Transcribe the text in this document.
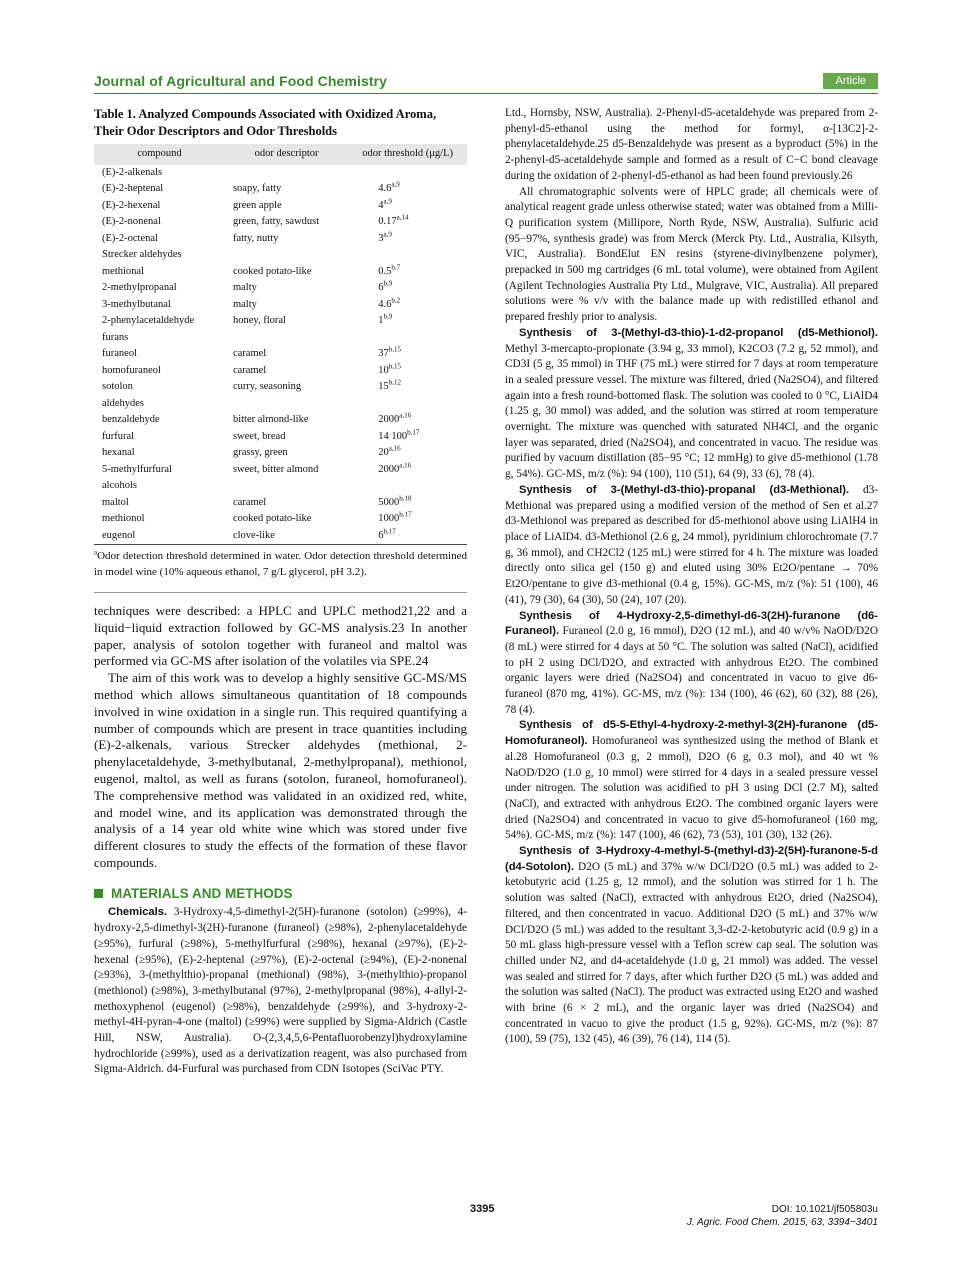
Journal of Agricultural and Food Chemistry	Article
Table 1. Analyzed Compounds Associated with Oxidized Aroma, Their Odor Descriptors and Odor Thresholds
compound	odor descriptor	odor threshold (μg/L)
(E)-2-alkenals		
(E)-2-heptenal	soapy, fatty	4.6$^{a,9}$
(E)-2-hexenal	green apple	4$^{a,9}$
(E)-2-nonenal	green, fatty, sawdust	0.17$^{a,14}$
(E)-2-octenal	fatty, nutty	3$^{a,9}$
Strecker aldehydes		
methional	cooked potato-like	0.5$^{b,7}$
2-methylpropanal	malty	6$^{b,9}$
3-methylbutanal	malty	4.6$^{b,2}$
2-phenylacetaldehyde	honey, floral	1$^{b,9}$
furans		
furaneol	caramel	37$^{b,15}$
homofuraneol	caramel	10$^{b,15}$
sotolon	curry, seasoning	15$^{b,12}$
aldehydes		
benzaldehyde	bitter almond-like	2000$^{a,16}$
furfural	sweet, bread	14 100$^{b,17}$
hexanal	grassy, green	20$^{a,16}$
5-methylfurfural	sweet, bitter almond	2000$^{a,16}$
alcohols		
maltol	caramel	5000$^{b,18}$
methionol	cooked potato-like	1000$^{b,17}$
eugenol	clove-like	6$^{b,17}$
$^a$Odor detection threshold determined in water. Odor detection threshold determined in model wine (10% aqueous ethanol, 7 g/L glycerol, pH 3.2).

techniques were described: a HPLC and UPLC method21,22 and a liquid−liquid extraction followed by GC-MS analysis.23 In another paper, analysis of sotolon together with furaneol and maltol was performed via GC-MS after isolation of the volatiles via SPE.24

The aim of this work was to develop a highly sensitive GC-MS/MS method which allows simultaneous quantitation of 18 compounds involved in wine oxidation in a single run. This required quantifying a number of compounds which are present in trace quantities including (E)-2-alkenals, various Strecker aldehydes (methional, 2-phenylacetaldehyde, 3-methylbutanal, 2-methylpropanal), methionol, eugenol, maltol, as well as furans (sotolon, furaneol, homofuraneol). The comprehensive method was validated in an oxidized red, white, and model wine, and its application was demonstrated through the analysis of a 14 year old white wine which was stored under five different closures to study the effects of the formation of these flavor compounds.

MATERIALS AND METHODS

Chemicals. 3-Hydroxy-4,5-dimethyl-2(5H)-furanone (sotolon) (≥99%), 4-hydroxy-2,5-dimethyl-3(2H)-furanone (furaneol) (≥98%), 2-phenylacetaldehyde (≥95%), furfural (≥98%), 5-methylfurfural (≥98%), hexanal (≥97%), (E)-2-hexenal (≥95%), (E)-2-heptenal (≥97%), (E)-2-octenal (≥94%), (E)-2-nonenal (≥93%), 3-(methylthio)-propanal (methional) (98%), 3-(methylthio)-propanol (methionol) (≥98%), 3-methylbutanal (97%), 2-methylpropanal (98%), 4-allyl-2-methoxyphenol (eugenol) (≥98%), benzaldehyde (≥99%), and 3-hydroxy-2-methyl-4H-pyran-4-one (maltol) (≥99%) were supplied by Sigma-Aldrich (Castle Hill, NSW, Australia). O-(2,3,4,5,6-Pentafluorobenzyl)hydroxylamine hydrochloride (≥99%), used as a derivatization reagent, was also purchased from Sigma-Aldrich. d4-Furfural was purchased from CDN Isotopes (SciVac PTY.

Ltd., Hornsby, NSW, Australia). 2-Phenyl-d5-acetaldehyde was prepared from 2-phenyl-d5-ethanol using the method for formyl, α-[13C2]-2-phenylacetaldehyde.25 d5-Benzaldehyde was present as a byproduct (5%) in the 2-phenyl-d5-acetaldehyde sample and formed as a result of C−C bond cleavage during the oxidation of 2-phenyl-d5-ethanol as had been found previously.26

All chromatographic solvents were of HPLC grade; all chemicals were of analytical reagent grade unless otherwise stated; water was obtained from a Milli-Q purification system (Millipore, North Ryde, NSW, Australia). Sulfuric acid (95−97%, synthesis grade) was from Merck (Merck Pty. Ltd., Australia, Kilsyth, VIC, Australia). BondElut EN resins (styrene-divinylbenzene polymer), prepacked in 500 mg cartridges (6 mL total volume), were obtained from Agilent (Agilent Technologies Australia Pty Ltd., Mulgrave, VIC, Australia). All prepared solutions were % v/v with the balance made up with redistilled ethanol and prepared freshly prior to analysis.

Synthesis of 3-(Methyl-d3-thio)-1-d2-propanol (d5-Methionol). Methyl 3-mercapto-propionate (3.94 g, 33 mmol), K2CO3 (7.2 g, 52 mmol), and CD3I (5 g, 35 mmol) in THF (75 mL) were stirred for 7 days at room temperature in a sealed pressure vessel. The mixture was filtered, dried (Na2SO4), and filtered again into a fresh round-bottomed flask. The solution was cooled to 0 °C, LiAlD4 (1.25 g, 30 mmol) was added, and the solution was stirred at room temperature overnight. The mixture was quenched with saturated NH4Cl, and the organic layer was separated, dried (Na2SO4), and concentrated in vacuo. The residue was purified by vacuum distillation (85−95 °C; 12 mmHg) to give d5-methionol (1.78 g, 54%). GC-MS, m/z (%): 94 (100), 110 (51), 64 (9), 33 (6), 78 (4).

Synthesis of 3-(Methyl-d3-thio)-propanal (d3-Methional). d3-Methional was prepared using a modified version of the method of Sen et al.27 d3-Methionol was prepared as described for d5-methionol above using LiAlH4 in place of LiAlD4. d3-Methionol (2.6 g, 24 mmol), pyridinium chlorochromate (7.7 g, 36 mmol), and CH2Cl2 (125 mL) were stirred for 4 h. The mixture was loaded directly onto silica gel (150 g) and eluted using 30% Et2O/pentane → 70% Et2O/pentane to give d3-methional (0.4 g, 15%). GC-MS, m/z (%): 51 (100), 46 (41), 79 (30), 64 (30), 50 (24), 107 (20).

Synthesis of 4-Hydroxy-2,5-dimethyl-d6-3(2H)-furanone (d6-Furaneol). Furaneol (2.0 g, 16 mmol), D2O (12 mL), and 40 w/v% NaOD/D2O (8 mL) were stirred for 4 days at 50 °C. The solution was salted (NaCl), acidified to pH 2 using DCl/D2O, and extracted with anhydrous Et2O. The combined organic layers were dried (Na2SO4) and concentrated in vacuo to give d6-furaneol (870 mg, 41%). GC-MS, m/z (%): 134 (100), 46 (62), 60 (32), 88 (26), 78 (4).

Synthesis of d5-5-Ethyl-4-hydroxy-2-methyl-3(2H)-furanone (d5-Homofuraneol). Homofuraneol was synthesized using the method of Blank et al.28 Homofuraneol (0.3 g, 2 mmol), D2O (6 g, 0.3 mol), and 40 wt % NaOD/D2O (1.0 g, 10 mmol) were stirred for 4 days in a sealed pressure vessel under nitrogen. The solution was acidified to pH 3 using DCl (2.7 M), salted (NaCl), and extracted with anhydrous Et2O. The combined organic layers were dried (Na2SO4) and concentrated in vacuo to give d5-homofuraneol (160 mg, 54%). GC-MS, m/z (%): 147 (100), 46 (62), 73 (53), 101 (30), 132 (26).

Synthesis of 3-Hydroxy-4-methyl-5-(methyl-d3)-2(5H)-furanone-5-d (d4-Sotolon). D2O (5 mL) and 37% w/w DCl/D2O (0.5 mL) was added to 2-ketobutyric acid (1.25 g, 12 mmol), and the solution was stirred for 1 h. The solution was salted (NaCl), extracted with anhydrous Et2O, dried (Na2SO4), filtered, and then concentrated in vacuo. Additional D2O (5 mL) and 37% w/w DCl/D2O (5 mL) was added to the resultant 3,3-d2-2-ketobutyric acid (0.9 g) in a 50 mL glass high-pressure vessel with a Teflon screw cap seal. The solution was chilled under N2, and d4-acetaldehyde (1.0 g, 21 mmol) was added. The vessel was sealed and stirred for 7 days, after which further D2O (5 mL) was added and the solution was salted (NaCl). The product was extracted using Et2O and washed with brine (6 × 2 mL), and the organic layer was dried (Na2SO4) and concentrated in vacuo to give the product (1.5 g, 92%). GC-MS, m/z (%): 87 (100), 59 (75), 132 (45), 46 (39), 76 (14), 114 (5).

3395	DOI: 10.1021/jf505803u
J. Agric. Food Chem. 2015, 63, 3394−3401
